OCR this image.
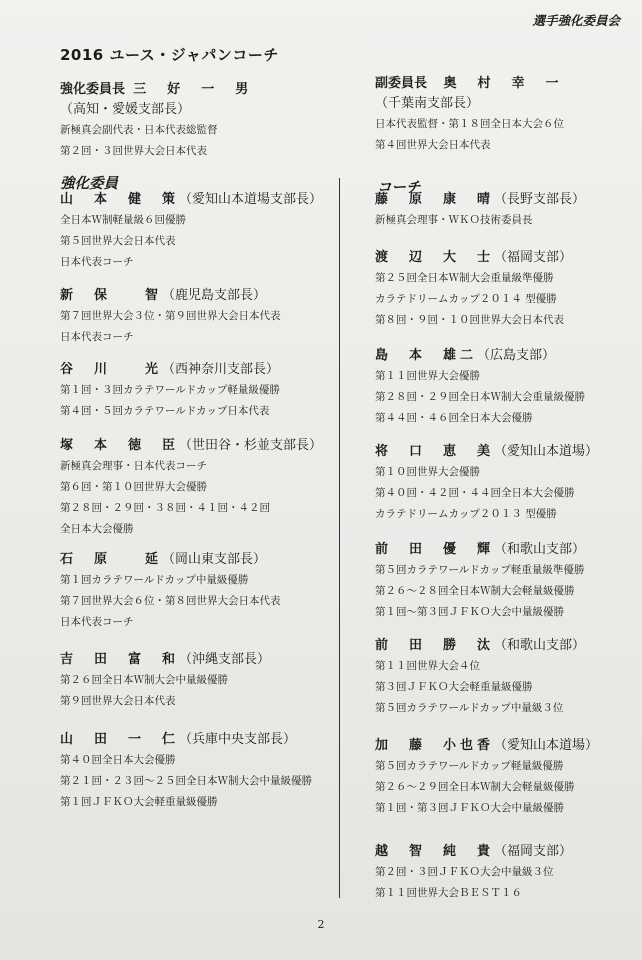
選手強化委員会
2016 ユース・ジャパンコーチ
強化委員長 三　好　一　男
（高知・愛媛支部長）
新極真会副代表・日本代表総監督
第２回・３回世界大会日本代表
副委員長 奥　村　幸　一
（千葉南支部長）
日本代表監督・第１８回全日本大会６位
第４回世界大会日本代表
強化委員	コーチ
山　本　健　策（愛知山本道場支部長）
全日本Ｗ制軽量級６回優勝
第５回世界大会日本代表
日本代表コーチ
新　保　　智（鹿児島支部長）
第７回世界大会３位・第９回世界大会日本代表
日本代表コーチ
谷　川　　光（西神奈川支部長）
第１回・３回カラテワールドカップ軽量級優勝
第４回・５回カラテワールドカップ日本代表
塚　本　徳　臣（世田谷・杉並支部長）
新極真会理事・日本代表コーチ
第６回・第１０回世界大会優勝
第２８回・２９回・３８回・４１回・４２回
全日本大会優勝
石　原　　延（岡山東支部長）
第１回カラテワールドカップ中量級優勝
第７回世界大会６位・第８回世界大会日本代表
日本代表コーチ
吉　田　富　和（沖縄支部長）
第２６回全日本Ｗ制大会中量級優勝
第９回世界大会日本代表
山　田　一　仁（兵庫中央支部長）
第４０回全日本大会優勝
第２１回・２３回〜２５回全日本Ｗ制大会中量級優勝
第１回ＪＦＫＯ大会軽重量級優勝
藤　原　康　晴（長野支部長）
新極真会理事・ＷＫＯ技術委員長
渡　辺　大　士（福岡支部）
第２５回全日本Ｗ制大会重量級準優勝
カラテドリームカップ２０１４ 型優勝
第８回・９回・１０回世界大会日本代表
島　本　雄二（広島支部）
第１１回世界大会優勝
第２８回・２９回全日本Ｗ制大会重量級優勝
第４４回・４６回全日本大会優勝
将　口　恵　美（愛知山本道場）
第１０回世界大会優勝
第４０回・４２回・４４回全日本大会優勝
カラテドリームカップ２０１３ 型優勝
前　田　優　輝（和歌山支部）
第５回カラテワールドカップ軽重量級準優勝
第２６〜２８回全日本Ｗ制大会軽量級優勝
第１回〜第３回ＪＦＫＯ大会中量級優勝
前　田　勝　汰（和歌山支部）
第１１回世界大会４位
第３回ＪＦＫＯ大会軽重量級優勝
第５回カラテワールドカップ中量級３位
加　藤　小也香（愛知山本道場）
第５回カラテワールドカップ軽量級優勝
第２６〜２９回全日本Ｗ制大会軽量級優勝
第１回・第３回ＪＦＫＯ大会中量級優勝
越　智　純　貴（福岡支部）
第２回・３回ＪＦＫＯ大会中量級３位
第１１回世界大会ＢＥＳＴ１６
2
